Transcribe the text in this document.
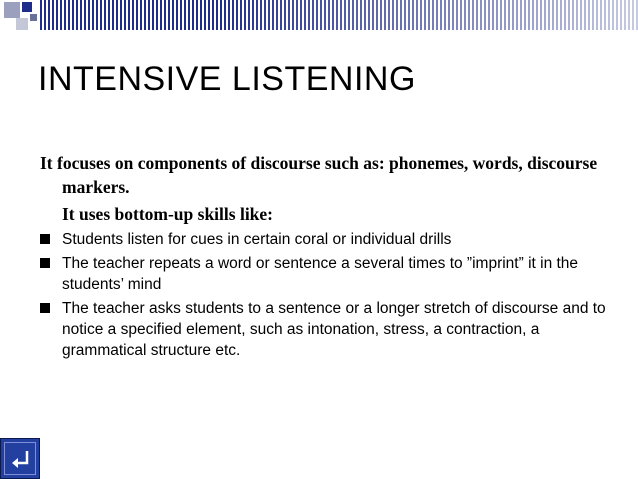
INTENSIVE LISTENING

It focuses on components of discourse such as: phonemes, words, discourse markers.

It uses bottom-up skills like:

Students listen for cues in certain coral or individual drills
The teacher repeats a word or sentence a several times to ”imprint” it in the students’ mind
The teacher asks students to a sentence or a longer stretch of discourse and to notice a specified element, such as intonation, stress, a contraction, a grammatical structure etc.
